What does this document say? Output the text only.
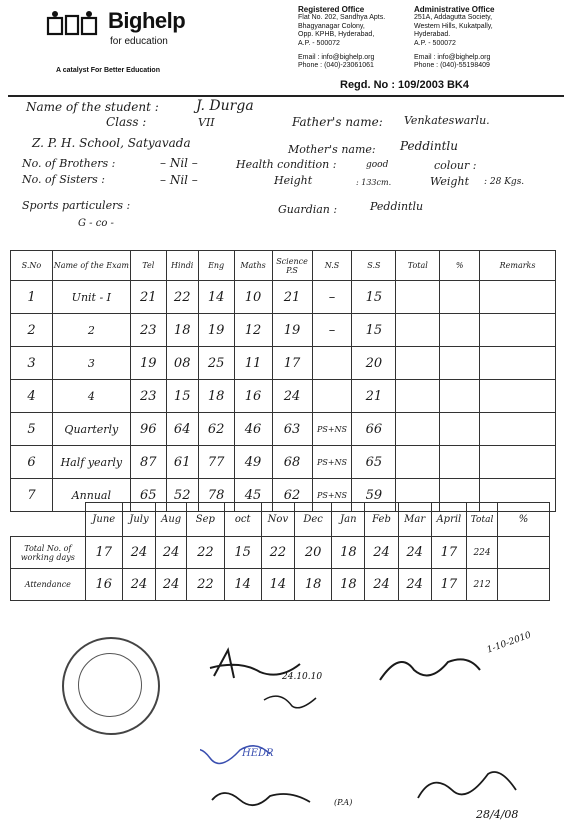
Bighelp
for education
A catalyst For Better Education
Registered Office
Flat No. 202, Sandhya Apts.
Bhagyanagar Colony,
Opp. KPHB, Hyderabad,
A.P. - 500072
Email : info@bighelp.org
Phone : (040)-23061061
Administrative Office
251A, Addagutta Society,
Western Hills, Kukatpally,
Hyderabad.
A.P. - 500072
Email : info@bighelp.org
Phone : (040)-55198409
Regd. No : 109/2003 BK4
Name of the student :	J. Durga
Class :	VII	Father's name: Venkateswarlu.
Z. P. H. School, Satyavada	Mother's name: Peddintlu
No. of Brothers :	– Nil –	Health condition :	good	colour :
No. of Sisters :	– Nil –	Height	: 133cm.	Weight : 28 Kgs.
Sports particulers :
G - co -
Guardian :	Peddintlu
S.No	Name of the Exam	Tel	Hindi	Eng	Maths	Science P.S	N.S	S.S	Total	%	Remarks
1	Unit - I	21	22	14	10	21	–	15			
2	2	23	18	19	12	19	–	15			
3	3	19	08	25	11	17		20			
4	4	23	15	18	16	24		21			
5	Quarterly	96	64	62	46	63	PS+NS	66			
6	Half yearly	87	61	77	49	68	PS+NS	65			
7	Annual	65	52	78	45	62	PS+NS	59			
	June	July	Aug	Sep	oct	Nov	Dec	Jan	Feb	Mar	April	Total	%
Total No. of working days	17	24	24	22	15	22	20	18	24	24	17	224	
Attendance	16	24	24	22	14	14	18	18	24	24	17	212	
24.10.10
1-10-2010
HEDR
(P.A)
28/4/08
